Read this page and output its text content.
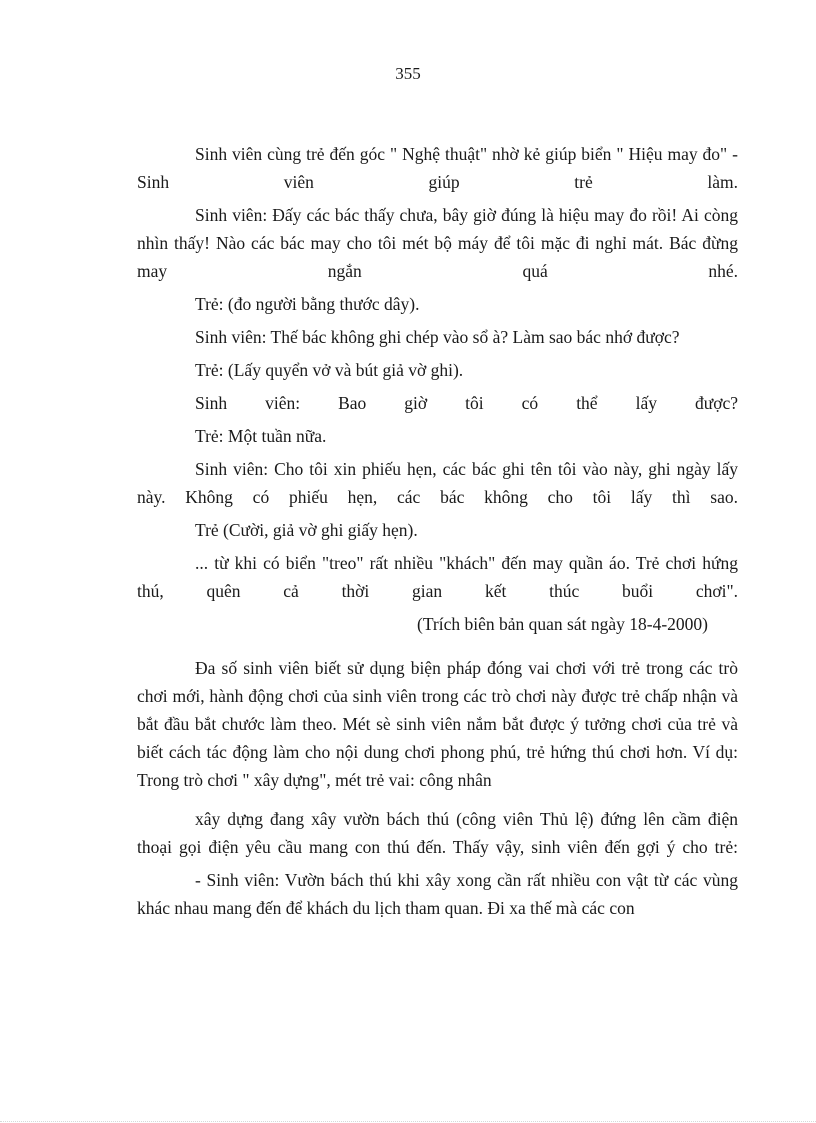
355

Sinh viên cùng trẻ đến góc " Nghệ thuật" nhờ kẻ giúp biển " Hiệu may đo" - Sinh viên giúp trẻ làm.

Sinh viên: Đấy các bác thấy chưa, bây giờ đúng là hiệu may đo rồi! Ai còng nhìn thấy! Nào các bác may cho tôi mét bộ máy để tôi mặc đi nghỉ mát. Bác đừng may ngắn quá nhé.

Trẻ: (đo người bằng thước dây).

Sinh viên: Thế bác không ghi chép vào sổ à? Làm sao bác nhớ được?

Trẻ: (Lấy quyển vở và bút giả vờ ghi).

Sinh viên: Bao giờ tôi có thể lấy được?

Trẻ: Một tuần nữa.

Sinh viên: Cho tôi xin phiếu hẹn, các bác ghi tên tôi vào này, ghi ngày lấy này. Không có phiếu hẹn, các bác không cho tôi lấy thì sao.

Trẻ (Cười, giả vờ ghi giấy hẹn).

... từ khi có biển "treo" rất nhiều "khách" đến may quần áo. Trẻ chơi hứng thú, quên cả thời gian kết thúc buổi chơi".

(Trích biên bản quan sát ngày 18-4-2000)

Đa số sinh viên biết sử dụng biện pháp đóng vai chơi với trẻ trong các trò chơi mới, hành động chơi của sinh viên trong các trò chơi này được trẻ chấp nhận và bắt đầu bắt chước làm theo. Mét sè sinh viên nắm bắt được ý tưởng chơi của trẻ và biết cách tác động làm cho nội dung chơi phong phú, trẻ hứng thú chơi hơn. Ví dụ: Trong trò chơi " xây dựng", mét trẻ vai: công nhân

xây dựng đang xây vườn bách thú (công viên Thủ lệ) đứng lên cầm điện thoại gọi điện yêu cầu mang con thú đến. Thấy vậy, sinh viên đến gợi ý cho trẻ:

- Sinh viên: Vườn bách thú khi xây xong cần rất nhiều con vật từ các vùng khác nhau mang đến để khách du lịch tham quan. Đi xa thế mà các con
